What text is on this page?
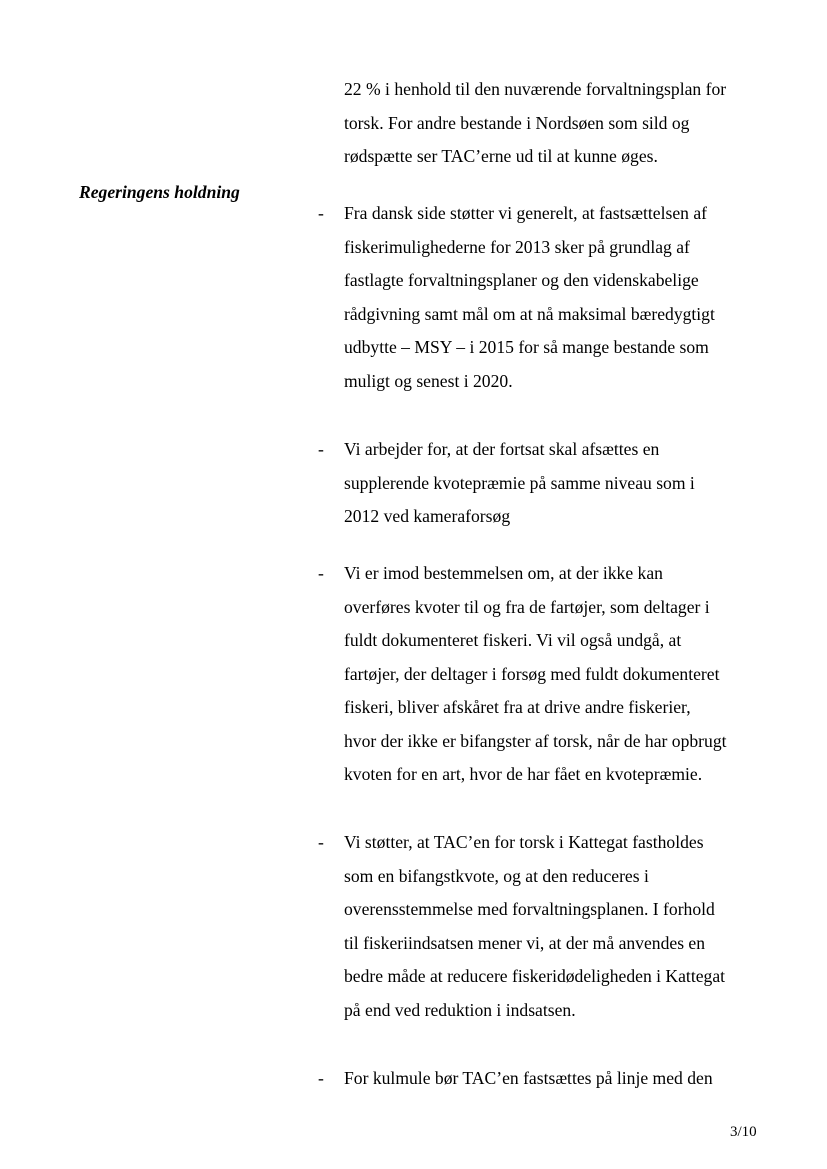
22 % i henhold til den nuværende forvaltningsplan for
torsk. For andre bestande i Nordsøen som sild og
rødspætte ser TAC’erne ud til at kunne øges.

Regeringens holdning

- Fra dansk side støtter vi generelt, at fastsættelsen af
fiskerimulighederne for 2013 sker på grundlag af
fastlagte forvaltningsplaner og den videnskabelige
rådgivning samt mål om at nå maksimal bæredygtigt
udbytte – MSY – i 2015 for så mange bestande som
muligt og senest i 2020.

- Vi arbejder for, at der fortsat skal afsættes en
supplerende kvotepræmie på samme niveau som i
2012 ved kameraforsøg

- Vi er imod bestemmelsen om, at der ikke kan
overføres kvoter til og fra de fartøjer, som deltager i
fuldt dokumenteret fiskeri. Vi vil også undgå, at
fartøjer, der deltager i forsøg med fuldt dokumenteret
fiskeri, bliver afskåret fra at drive andre fiskerier,
hvor der ikke er bifangster af torsk, når de har opbrugt
kvoten for en art, hvor de har fået en kvotepræmie.

- Vi støtter, at TAC’en for torsk i Kattegat fastholdes
som en bifangstkvote, og at den reduceres i
overensstemmelse med forvaltningsplanen. I forhold
til fiskeriindsatsen mener vi, at der må anvendes en
bedre måde at reducere fiskeridødeligheden i Kattegat
på end ved reduktion i indsatsen.

- For kulmule bør TAC’en fastsættes på linje med den

3/10
